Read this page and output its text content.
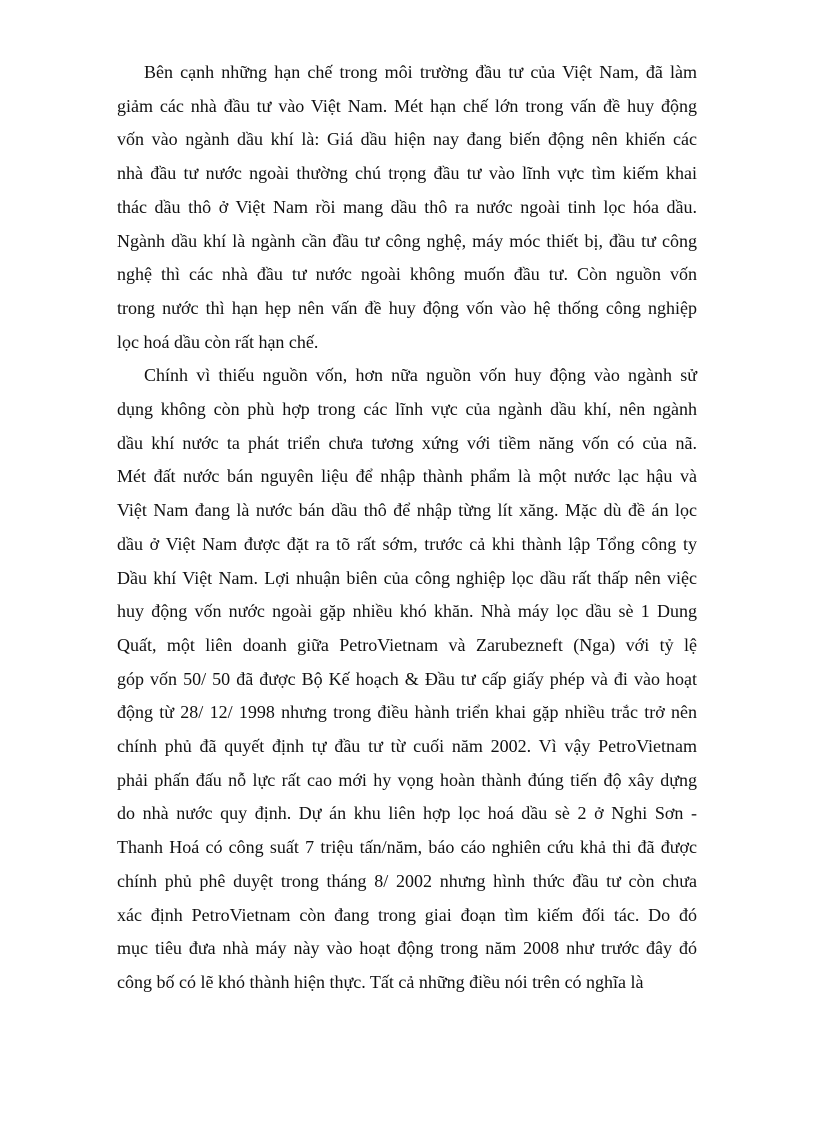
Bên cạnh những hạn chế trong môi trường đầu tư của Việt Nam, đã làm
giảm các nhà đầu tư vào Việt Nam. Mét hạn chế lớn trong vấn đề huy động
vốn vào ngành dầu khí là: Giá dầu hiện nay đang biến động nên khiến các
nhà đầu tư nước ngoài thường chú trọng đầu tư vào lĩnh vực tìm kiếm khai
thác dầu thô ở Việt Nam rồi mang dầu thô ra nước ngoài tinh lọc hóa dầu.
Ngành dầu khí là ngành cần đầu tư công nghệ, máy móc thiết bị, đầu tư công
nghệ thì các nhà đầu tư nước ngoài không muốn đầu tư. Còn nguồn vốn
trong nước thì hạn hẹp nên vấn đề huy động vốn vào hệ thống công nghiệp
lọc hoá dầu còn rất hạn chế.

Chính vì thiếu nguồn vốn, hơn nữa nguồn vốn huy động vào ngành sử
dụng không còn phù hợp trong các lĩnh vực của ngành dầu khí, nên ngành
dầu khí nước ta phát triển chưa tương xứng với tiềm năng vốn có của nã.
Mét đất nước bán nguyên liệu để nhập thành phẩm là một nước lạc hậu và
Việt Nam đang là nước bán dầu thô để nhập từng lít xăng. Mặc dù đề án lọc
dầu ở Việt Nam được đặt ra tõ rất sớm, trước cả khi thành lập Tổng công ty
Dầu khí Việt Nam. Lợi nhuận biên của công nghiệp lọc dầu rất thấp nên việc
huy động vốn nước ngoài gặp nhiều khó khăn. Nhà máy lọc dầu sè 1 Dung
Quất, một liên doanh giữa PetroVietnam và Zarubezneft (Nga) với tỷ lệ
góp vốn 50/ 50 đã được Bộ Kế hoạch & Đầu tư cấp giấy phép và đi vào hoạt
động từ 28/ 12/ 1998 nhưng trong điều hành triển khai gặp nhiều trắc trở nên
chính phủ đã quyết định tự đầu tư từ cuối năm 2002. Vì vậy PetroVietnam
phải phấn đấu nỗ lực rất cao mới hy vọng hoàn thành đúng tiến độ xây dựng
do nhà nước quy định. Dự án khu liên hợp lọc hoá dầu sè 2 ở Nghi Sơn -
Thanh Hoá có công suất 7 triệu tấn/năm, báo cáo nghiên cứu khả thi đã được
chính phủ phê duyệt trong tháng 8/ 2002 nhưng hình thức đầu tư còn chưa
xác định PetroVietnam còn đang trong giai đoạn tìm kiếm đối tác. Do đó
mục tiêu đưa nhà máy này vào hoạt động trong năm 2008 như trước đây đó
công bố có lẽ khó thành hiện thực. Tất cả những điều nói trên có nghĩa là
